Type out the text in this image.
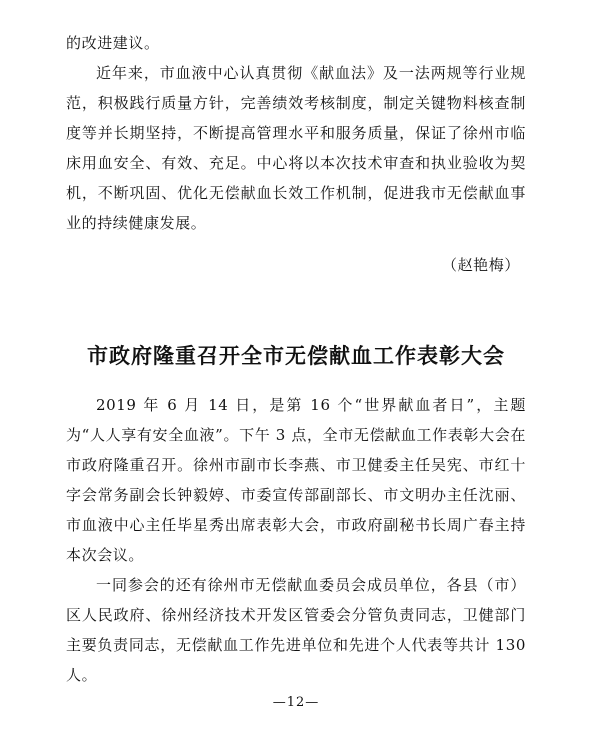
的改进建议。

近年来，市血液中心认真贯彻《献血法》及一法两规等行业规范，积极践行质量方针，完善绩效考核制度，制定关键物料核查制度等并长期坚持，不断提高管理水平和服务质量，保证了徐州市临床用血安全、有效、充足。中心将以本次技术审查和执业验收为契机，不断巩固、优化无偿献血长效工作机制，促进我市无偿献血事业的持续健康发展。

（赵艳梅）

市政府隆重召开全市无偿献血工作表彰大会

2019 年 6 月 14 日，是第 16 个“世界献血者日”，主题为“人人享有安全血液”。下午 3 点，全市无偿献血工作表彰大会在市政府隆重召开。徐州市副市长李燕、市卫健委主任吴宪、市红十字会常务副会长钟毅婷、市委宣传部副部长、市文明办主任沈丽、市血液中心主任毕星秀出席表彰大会，市政府副秘书长周广春主持本次会议。

一同参会的还有徐州市无偿献血委员会成员单位，各县（市）区人民政府、徐州经济技术开发区管委会分管负责同志，卫健部门主要负责同志，无偿献血工作先进单位和先进个人代表等共计 130 人。

—12—
